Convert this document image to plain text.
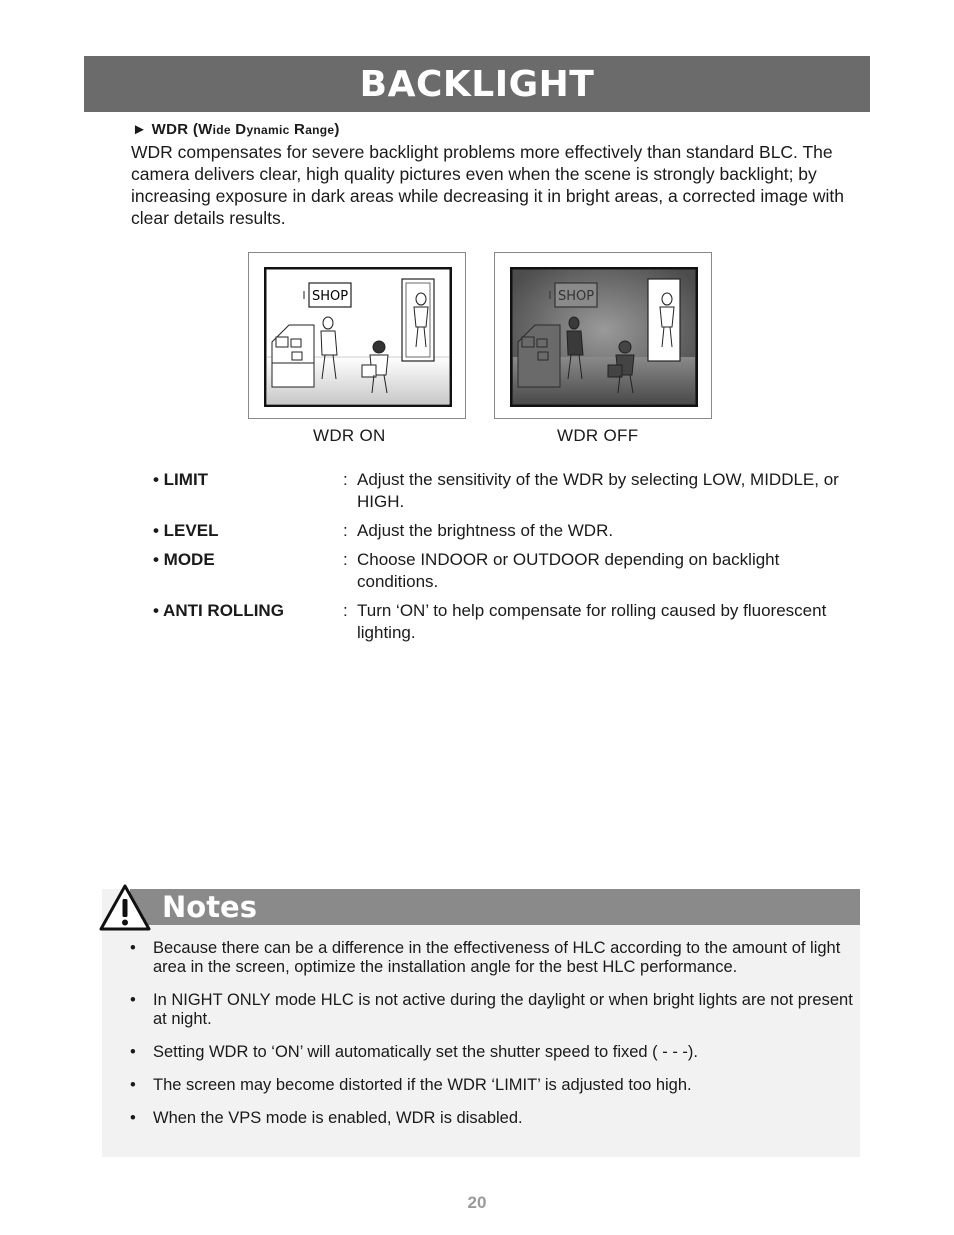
BACKLIGHT
► WDR (Wide Dynamic Range)

WDR compensates for severe backlight problems more effectively than standard BLC. The camera delivers clear, high quality pictures even when the scene is strongly backlight; by increasing exposure in dark areas while decreasing it in bright areas, a corrected image with clear details results.

SHOP	SHOP
WDR ON	WDR OFF
• LIMIT	: Adjust the sensitivity of the WDR by selecting LOW, MIDDLE, or HIGH.
• LEVEL	: Adjust the brightness of the WDR.
• MODE	: Choose INDOOR or OUTDOOR depending on backlight conditions.
• ANTI ROLLING	: Turn ‘ON’ to help compensate for rolling caused by fluorescent lighting.
Notes
• Because there can be a difference in the effectiveness of HLC according to the amount of light area in the screen, optimize the installation angle for the best HLC performance.
• In NIGHT ONLY mode HLC is not active during the daylight or when bright lights are not present at night.
• Setting WDR to ‘ON’ will automatically set the shutter speed to fixed ( - - -).
• The screen may become distorted if the WDR ‘LIMIT’ is adjusted too high.
• When the VPS mode is enabled, WDR is disabled.
20
